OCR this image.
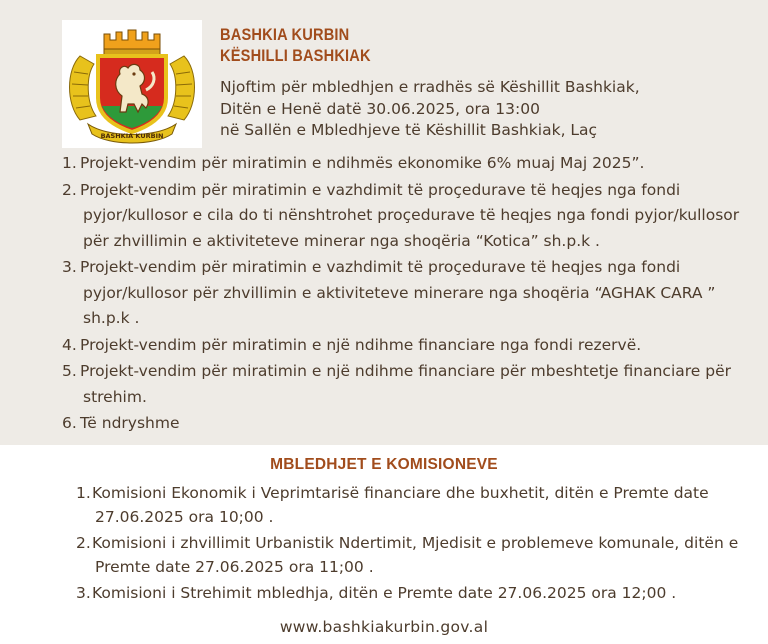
BASHKIA KURBIN
BASHKIA KURBIN
KËSHILLI BASHKIAK
Njoftim për mbledhjen e rradhës së Këshillit Bashkiak,
Ditën e Henë datë 30.06.2025, ora 13:00
në Sallën e Mbledhjeve të Këshillit Bashkiak, Laç
1. Projekt-vendim për miratimin e ndihmës ekonomike 6% muaj Maj 2025”.
2. Projekt-vendim për miratimin e vazhdimit të proçedurave të heqjes nga fondi
pyjor/kullosor e cila do ti nënshtrohet proçedurave të heqjes nga fondi pyjor/kullosor
për zhvillimin e aktiviteteve minerar nga shoqëria “Kotica” sh.p.k .
3. Projekt-vendim për miratimin e vazhdimit të proçedurave të heqjes nga fondi
pyjor/kullosor për zhvillimin e aktiviteteve minerare nga shoqëria “AGHAK CARA ”
sh.p.k .
4. Projekt-vendim për miratimin e një ndihme financiare nga fondi rezervë.
5. Projekt-vendim për miratimin e një ndihme financiare për mbeshtetje financiare për
strehim.
6. Të ndryshme
MBLEDHJET E KOMISIONEVE
1. Komisioni Ekonomik i Veprimtarisë financiare dhe buxhetit, ditën e Premte date
27.06.2025 ora 10;00 .
2. Komisioni i zhvillimit Urbanistik Ndertimit, Mjedisit e problemeve komunale, ditën e
Premte date 27.06.2025 ora 11;00 .
3. Komisioni i Strehimit mbledhja, ditën e Premte date 27.06.2025 ora 12;00 .
www.bashkiakurbin.gov.al
